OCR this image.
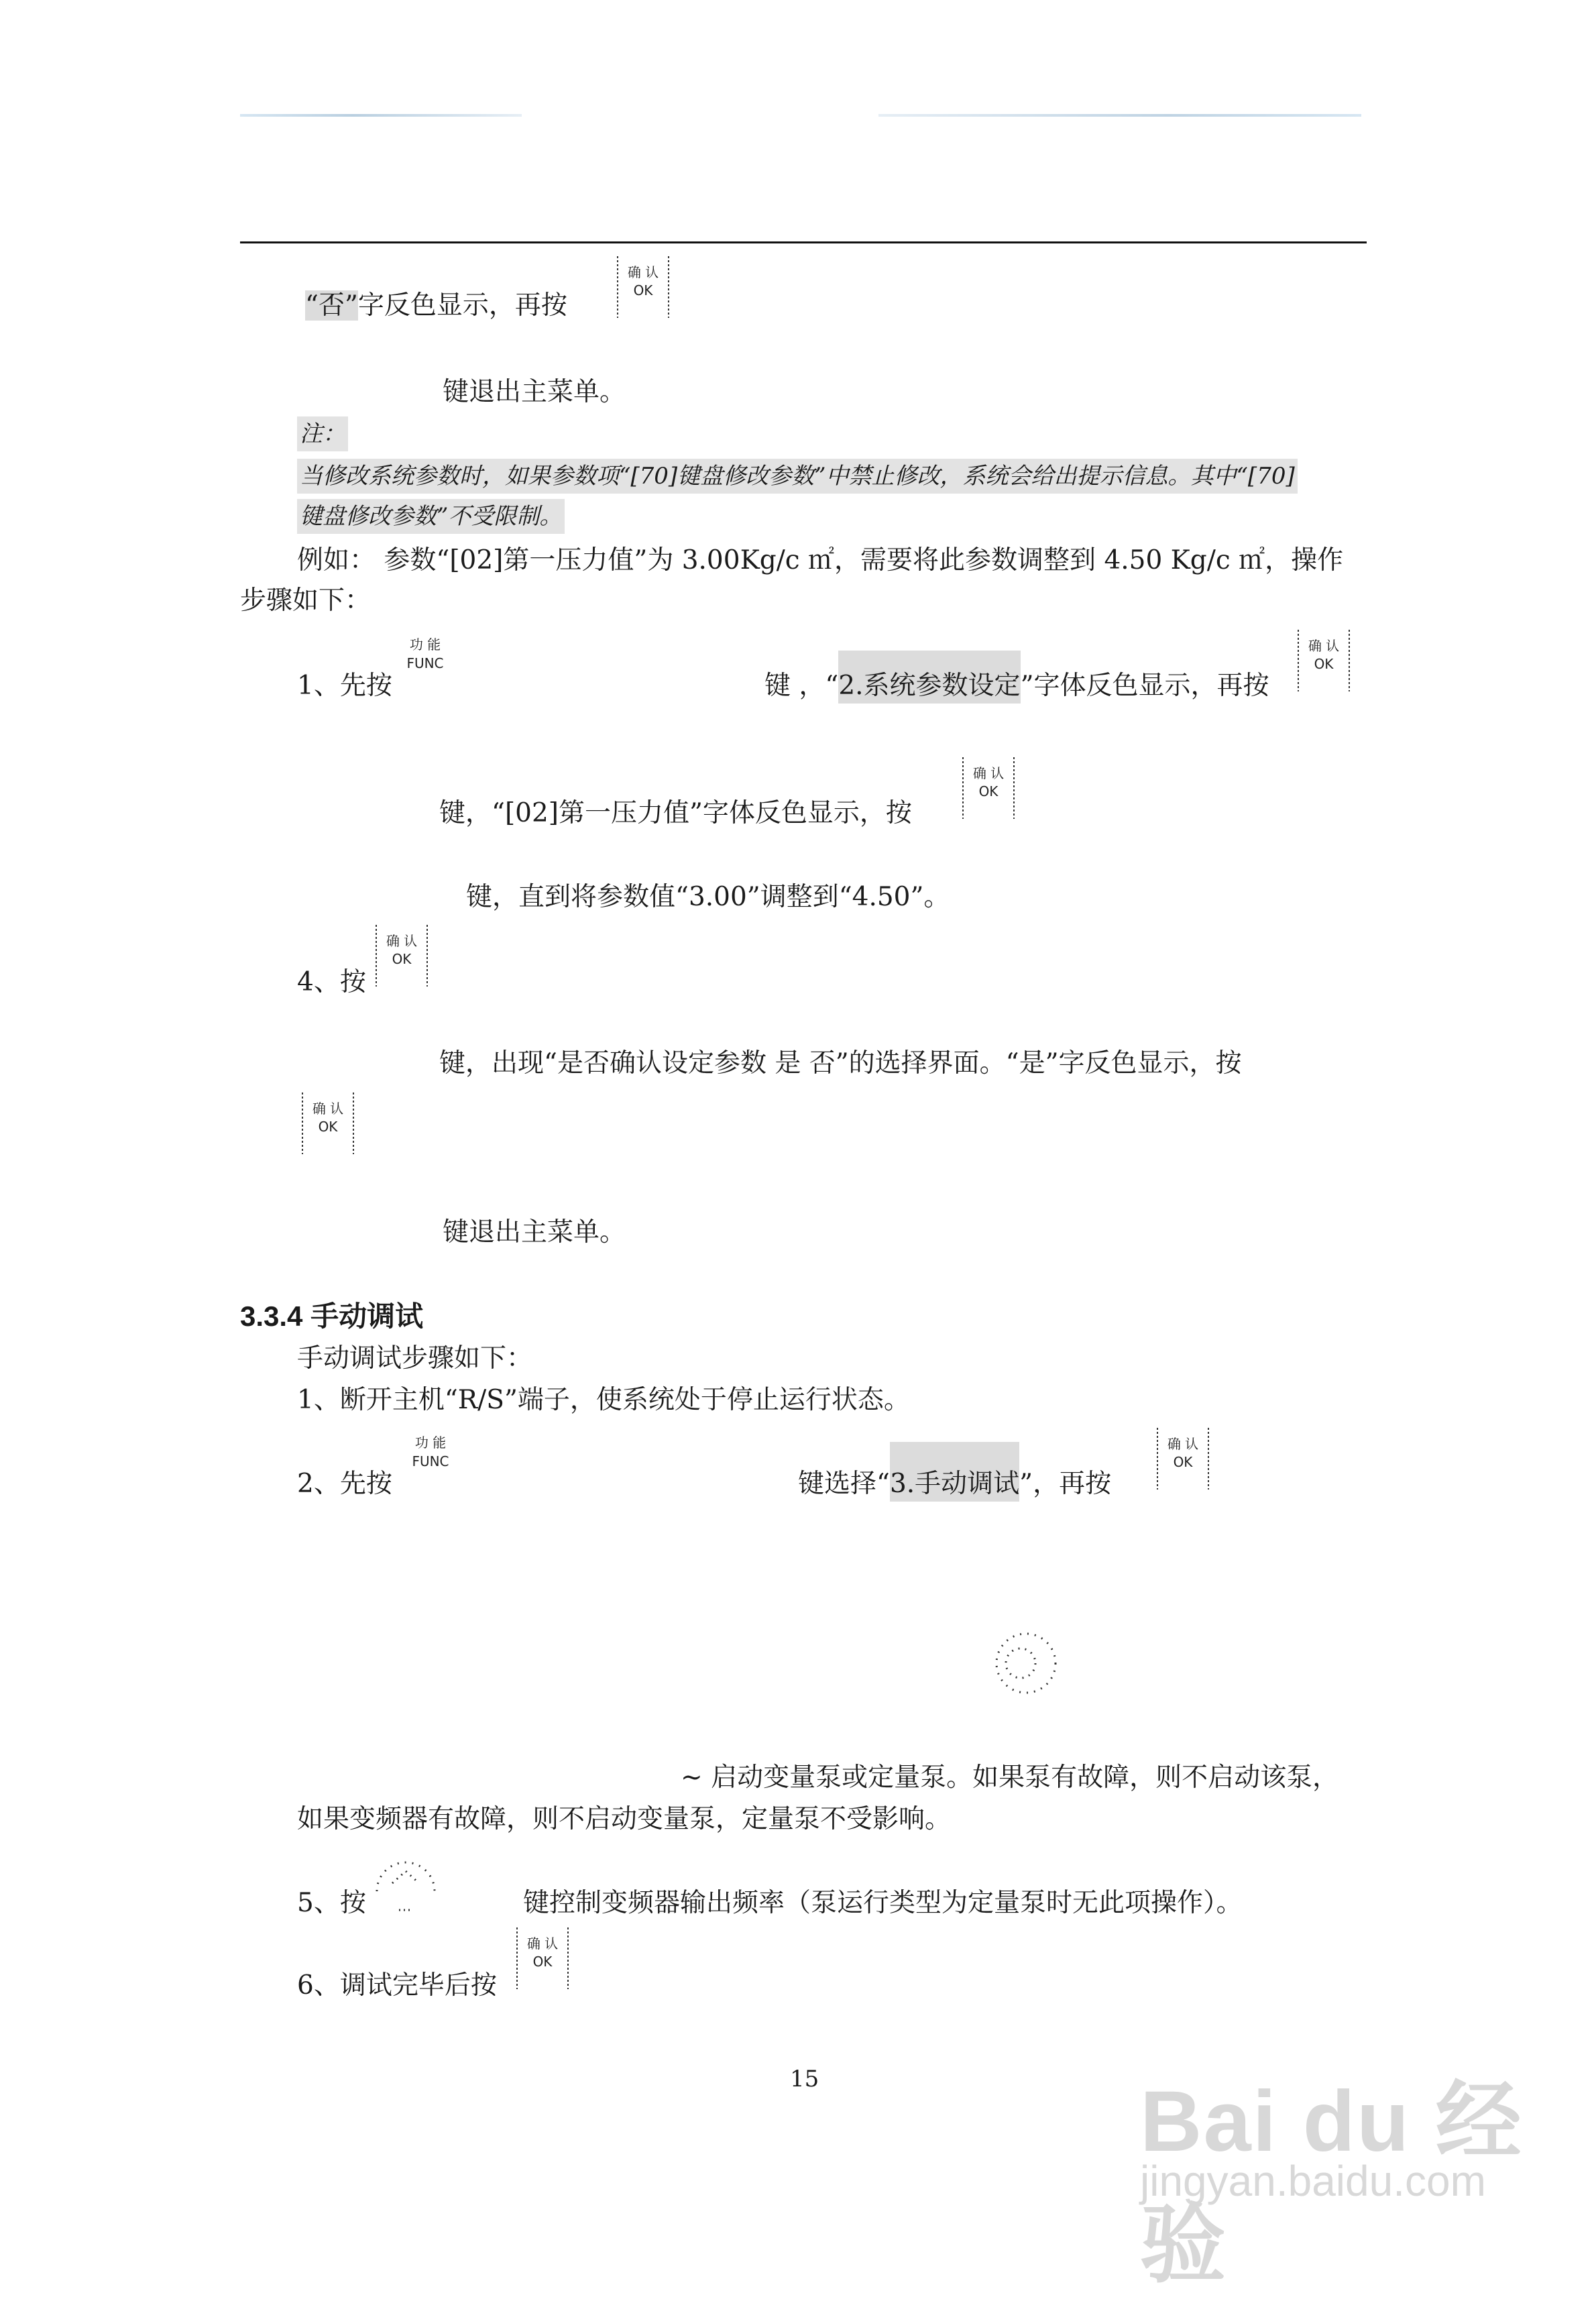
“否”字反色显示，再按
确 认
OK
键退出主菜单。
注：
当修改系统参数时，如果参数项“[70]键盘修改参数”中禁止修改，系统会给出提示信息。其中“[70]
键盘修改参数”不受限制。
例如： 参数“[02]第一压力值”为 3.00Kg/c ㎡，需要将此参数调整到 4.50 Kg/c ㎡，操作
步骤如下：
1、先按
功 能
FUNC
键 ，“2.系统参数设定”字体反色显示，再按
确 认
OK
键，“[02]第一压力值”字体反色显示，按
确 认
OK
键，直到将参数值“3.00”调整到“4.50”。
4、按
确 认
OK
键，出现“是否确认设定参数 是 否”的选择界面。“是”字反色显示，按
确 认
OK
键退出主菜单。
3.3.4 手动调试
手动调试步骤如下：
1、断开主机“R/S”端子，使系统处于停止运行状态。
2、先按
功 能
FUNC
键选择“3.手动调试”，再按
确 认
OK
~ 启动变量泵或定量泵。如果泵有故障，则不启动该泵，
如果变频器有故障，则不启动变量泵，定量泵不受影响。
5、按	键控制变频器输出频率（泵运行类型为定量泵时无此项操作）。
6、调试完毕后按
确 认
OK
15	Bai du 经验
jingyan.baidu.com
